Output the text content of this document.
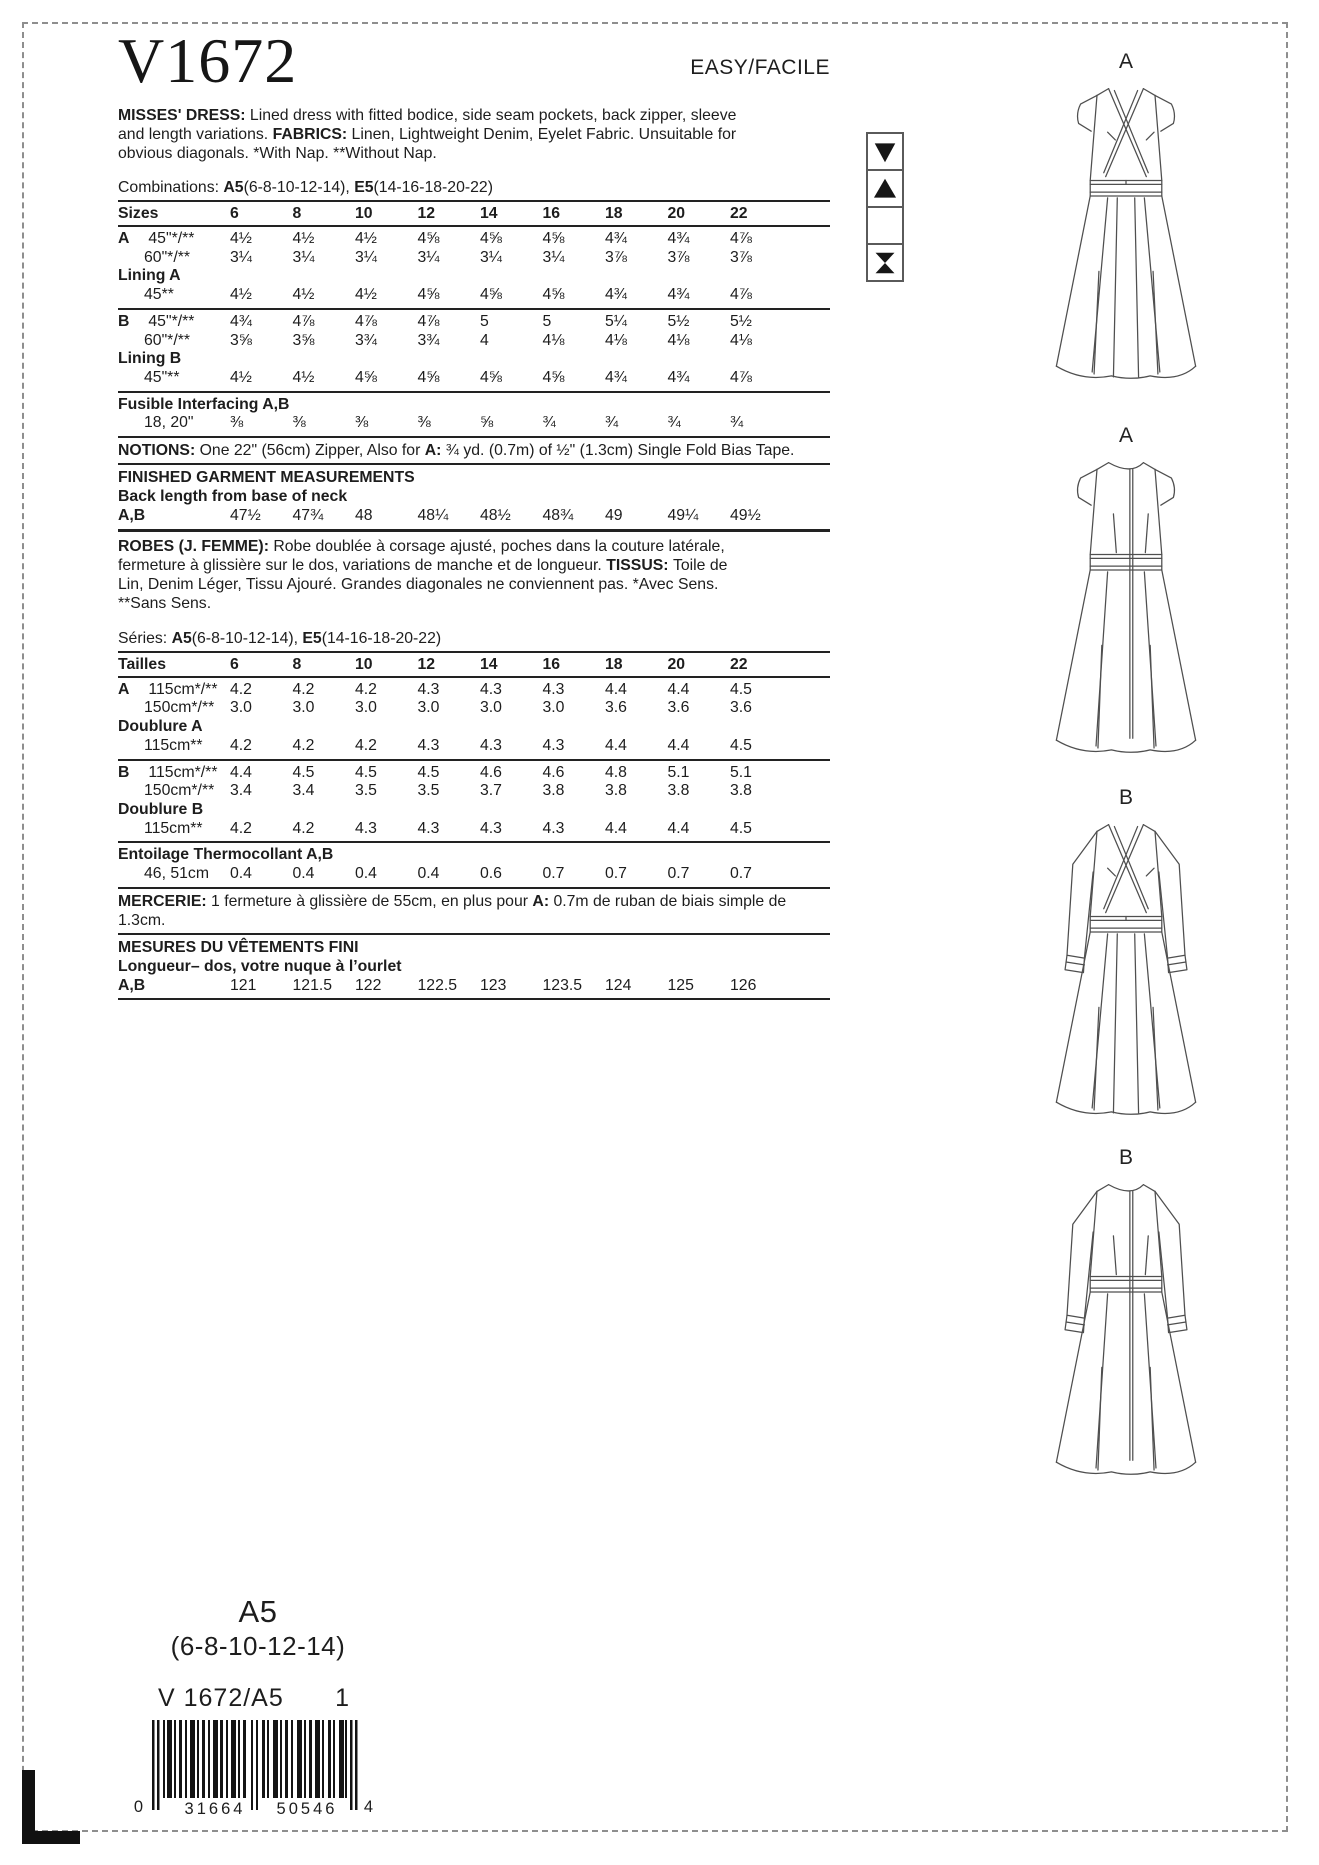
V1672	EASY/FACILE

MISSES' DRESS: Lined dress with fitted bodice, side seam pockets, back zipper, sleeve and length variations. FABRICS: Linen, Lightweight Denim, Eyelet Fabric. Unsuitable for obvious diagonals. *With Nap. **Without Nap.

Combinations: A5(6-8-10-12-14), E5(14-16-18-20-22)
Sizes	6	8	10	12	14	16	18	20	22
A 45"*/**	4½	4½	4½	4⅝	4⅝	4⅝	4¾	4¾	4⅞
60"*/**	3¼	3¼	3¼	3¼	3¼	3¼	3⅞	3⅞	3⅞
Lining A
45**	4½	4½	4½	4⅝	4⅝	4⅝	4¾	4¾	4⅞
B 45"*/**	4¾	4⅞	4⅞	4⅞	5	5	5¼	5½	5½
60"*/**	3⅝	3⅝	3¾	3¾	4	4⅛	4⅛	4⅛	4⅛
Lining B
45"**	4½	4½	4⅝	4⅝	4⅝	4⅝	4¾	4¾	4⅞
Fusible Interfacing A,B
18, 20"	⅜	⅜	⅜	⅜	⅝	¾	¾	¾	¾

NOTIONS: One 22" (56cm) Zipper, Also for A: ¾ yd. (0.7m) of ½" (1.3cm) Single Fold Bias Tape.

FINISHED GARMENT MEASUREMENTS
Back length from base of neck
A,B	47½	47¾	48	48¼	48½	48¾	49	49¼	49½

ROBES (J. FEMME): Robe doublée à corsage ajusté, poches dans la couture latérale, fermeture à glissière sur le dos, variations de manche et de longueur. TISSUS: Toile de Lin, Denim Léger, Tissu Ajouré. Grandes diagonales ne conviennent pas. *Avec Sens. **Sans Sens.

Séries: A5(6-8-10-12-14), E5(14-16-18-20-22)
Tailles	6	8	10	12	14	16	18	20	22
A 115cm*/** 4.2	4.2	4.2	4.3	4.3	4.3	4.4	4.4	4.5
150cm*/** 3.0	3.0	3.0	3.0	3.0	3.0	3.6	3.6	3.6
Doublure A
115cm**	4.2	4.2	4.2	4.3	4.3	4.3	4.4	4.4	4.5
B 115cm*/** 4.4	4.5	4.5	4.5	4.6	4.6	4.8	5.1	5.1
150cm*/** 3.4	3.4	3.5	3.5	3.7	3.8	3.8	3.8	3.8
Doublure B
115cm**	4.2	4.2	4.3	4.3	4.3	4.3	4.4	4.4	4.5
Entoilage Thermocollant A,B
46, 51cm	0.4	0.4	0.4	0.4	0.6	0.7	0.7	0.7	0.7

MERCERIE: 1 fermeture à glissière de 55cm, en plus pour A: 0.7m de ruban de biais simple de 1.3cm.

MESURES DU VÊTEMENTS FINI
Longueur– dos, votre nuque à l’ourlet
A,B	121	121.5	122	122.5	123	123.5	124	125	126
A
A
B
B
A5
(6-8-10-12-14)
V 1672/A5 1
0	31664	50546	4
